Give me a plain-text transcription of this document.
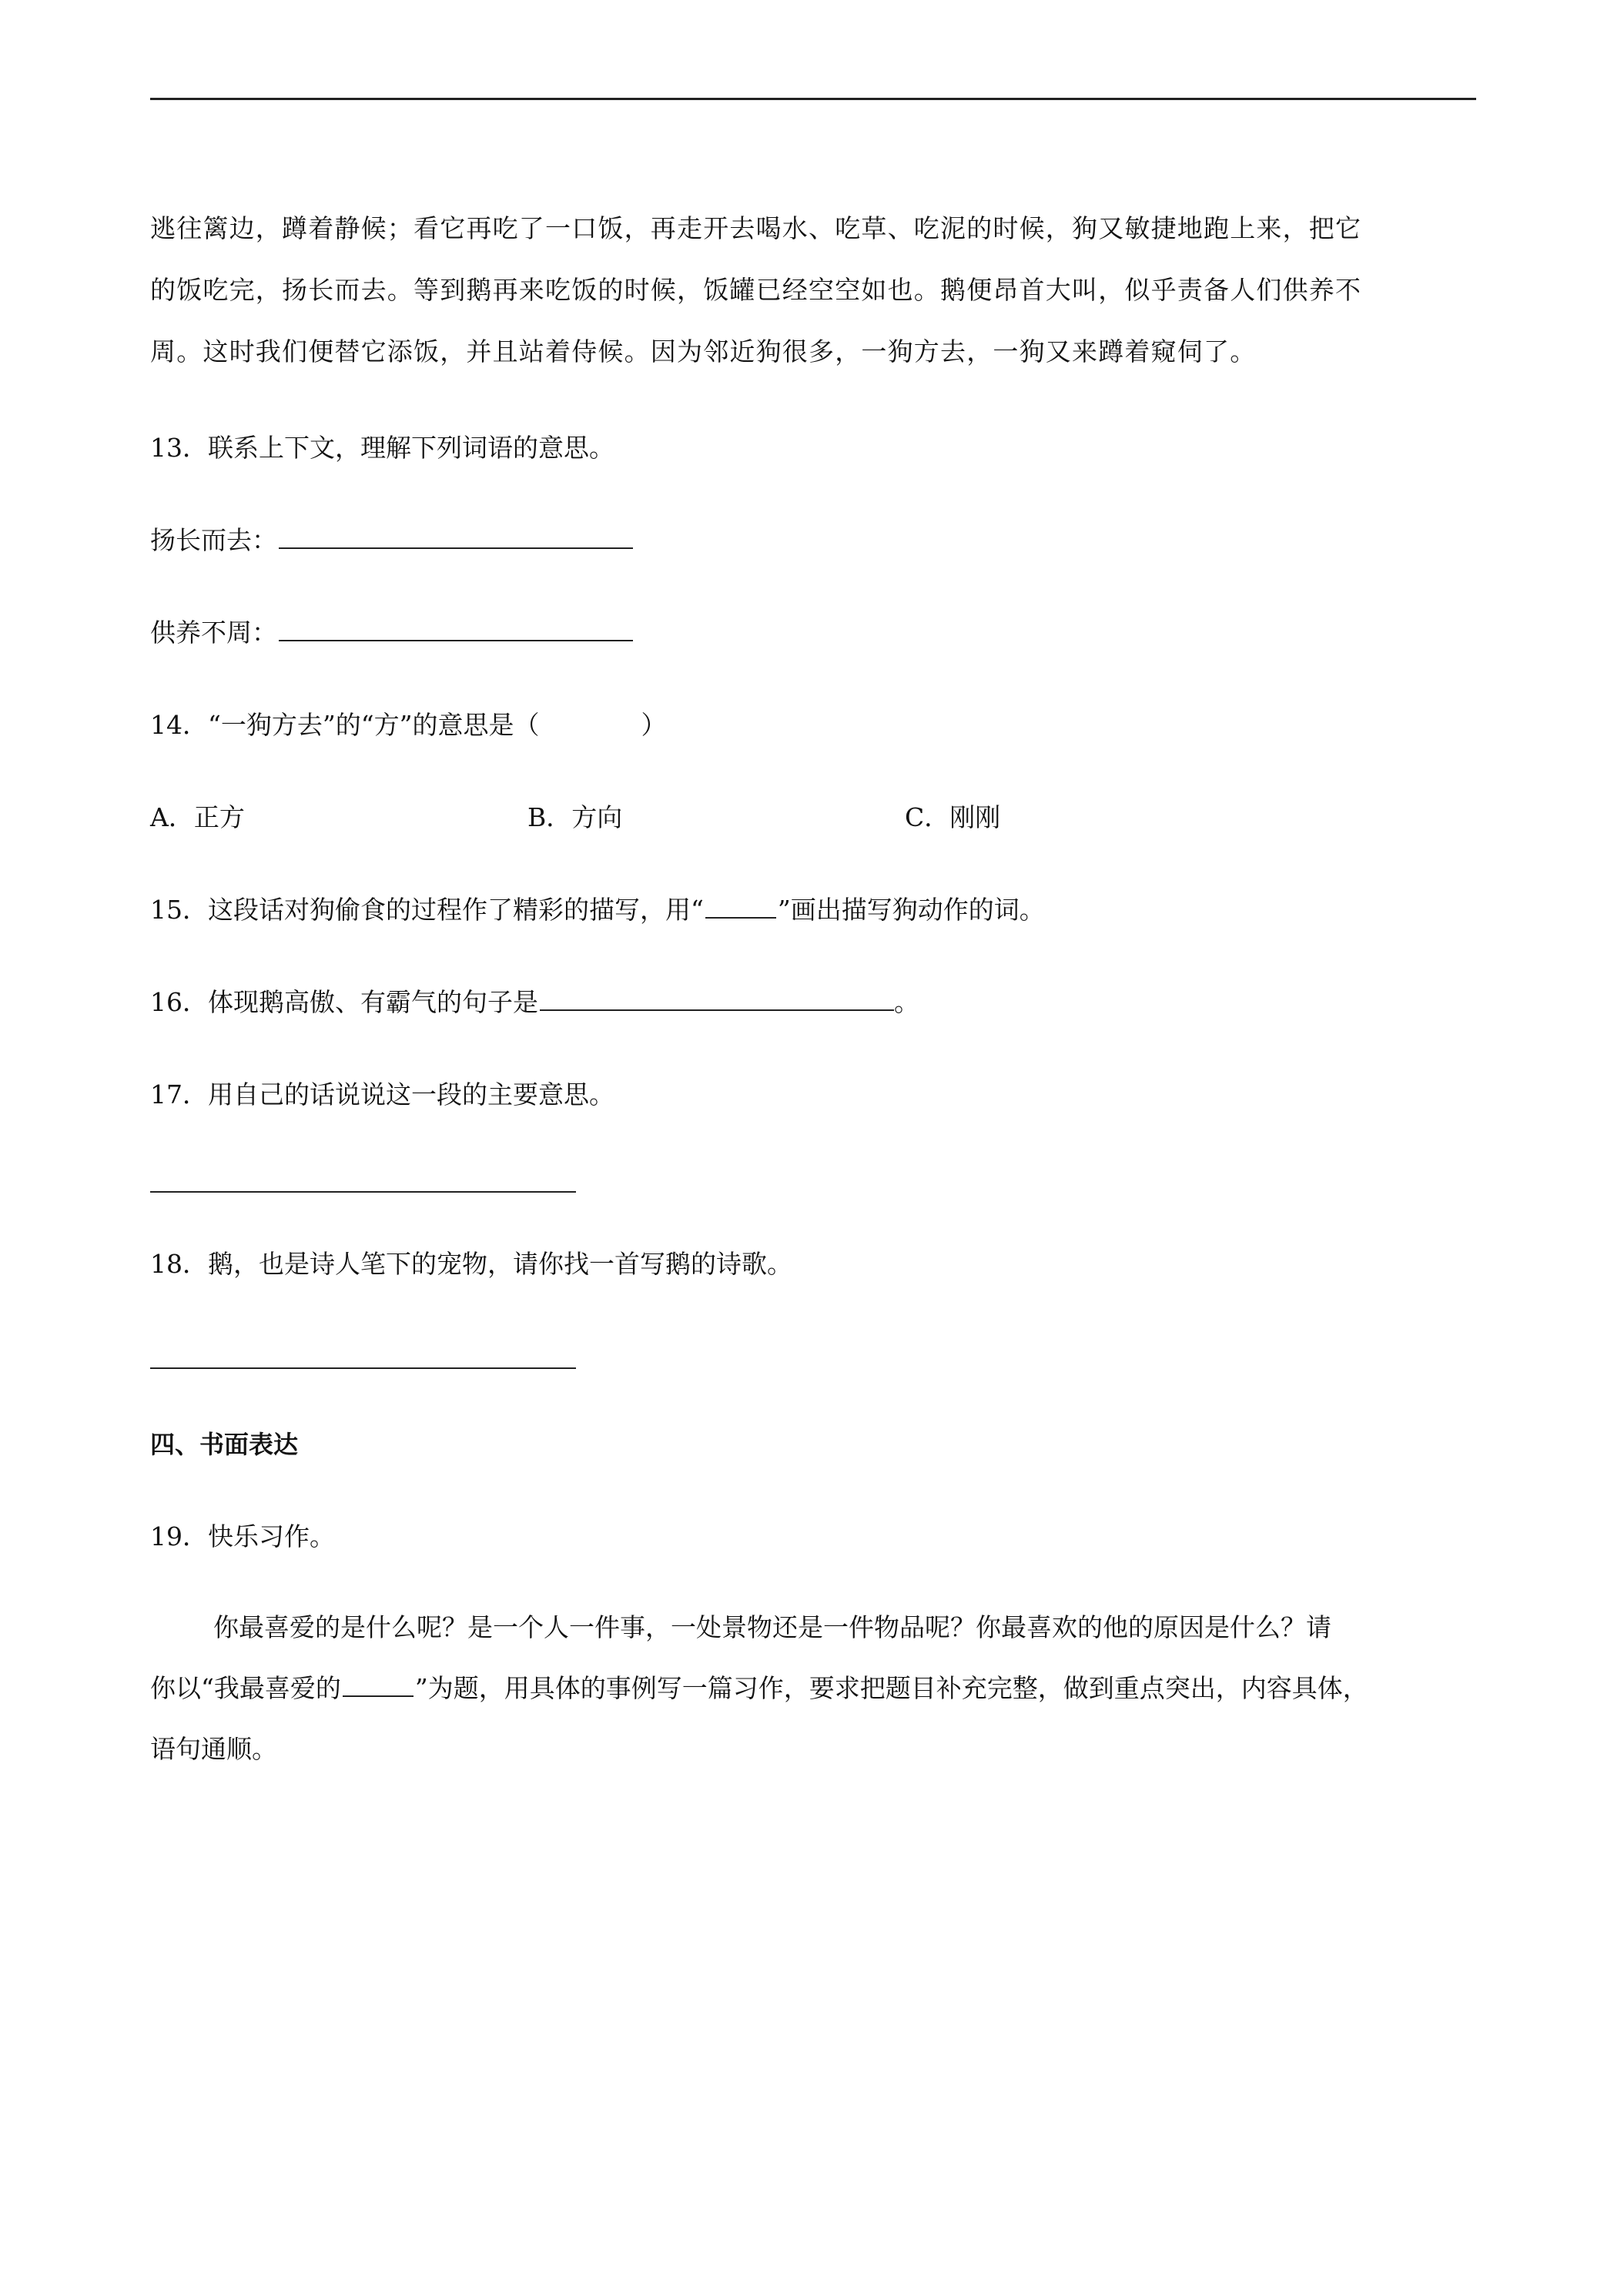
逃往篱边，蹲着静候；看它再吃了一口饭，再走开去喝水、吃草、吃泥的时候，狗又敏捷地跑上来，把它
的饭吃完，扬长而去。等到鹅再来吃饭的时候，饭罐已经空空如也。鹅便昂首大叫，似乎责备人们供养不
周。这时我们便替它添饭，并且站着侍候。因为邻近狗很多，一狗方去，一狗又来蹲着窥伺了。
13．联系上下文，理解下列词语的意思。
扬长而去：
供养不周：
14．“一狗方去”的“方”的意思是（　　　　）
A．正方	B．方向	C．刚刚
15．这段话对狗偷食的过程作了精彩的描写，用“	”画出描写狗动作的词。
16．体现鹅高傲、有霸气的句子是	。
17．用自己的话说说这一段的主要意思。
18．鹅，也是诗人笔下的宠物，请你找一首写鹅的诗歌。
四、书面表达
19．快乐习作。
你最喜爱的是什么呢？是一个人一件事，一处景物还是一件物品呢？你最喜欢的他的原因是什么？请
你以“我最喜爱的	”为题，用具体的事例写一篇习作，要求把题目补充完整，做到重点突出，内容具体，
语句通顺。
